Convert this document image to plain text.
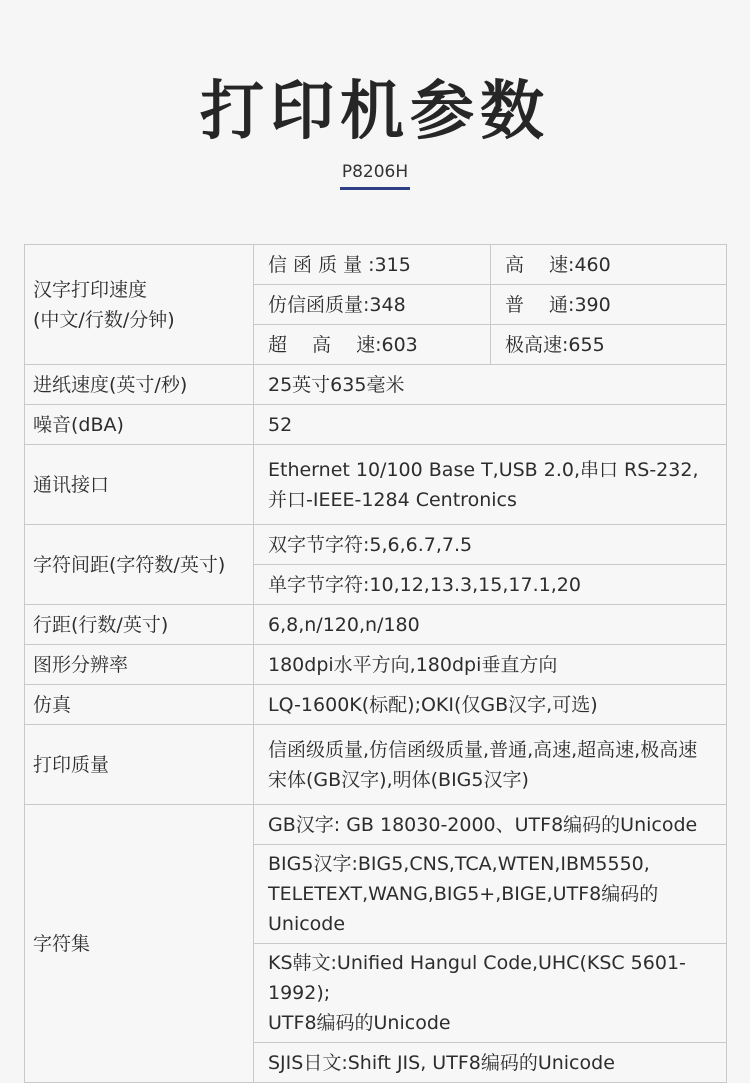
打印机参数
P8206H
汉字打印速度
(中文/行数/分钟)	信 函 质 量 :315	高　 速:460
	仿信函质量:348	普　 通:390
	超　 高　 速:603	极高速:655
进纸速度(英寸/秒)	25英寸635毫米	
噪音(dBA)	52	
通讯接口	Ethernet 10/100 Base T,USB 2.0,串口 RS-232,
并口-IEEE-1284 Centronics	

字符间距(字符数/英寸)	双字节字符:5,6,6.7,7.5	
	单字节字符:10,12,13.3,15,17.1,20	
行距(行数/英寸)	6,8,n/120,n/180	
图形分辨率	180dpi水平方向,180dpi垂直方向	
仿真	LQ-1600K(标配);OKI(仅GB汉字,可选)	
打印质量	信函级质量,仿信函级质量,普通,高速,超高速,极高速
宋体(GB汉字),明体(BIG5汉字)	

字符集	GB汉字: GB 18030-2000、UTF8编码的Unicode	

	BIG5汉字:BIG5,CNS,TCA,WTEN,IBM5550,
TELETEXT,WANG,BIG5+,BIGE,UTF8编码的Unicode	

	KS韩文:Unified Hangul Code,UHC(KSC 5601-1992);
UTF8编码的Unicode	

	SJIS日文:Shift JIS, UTF8编码的Unicode	
